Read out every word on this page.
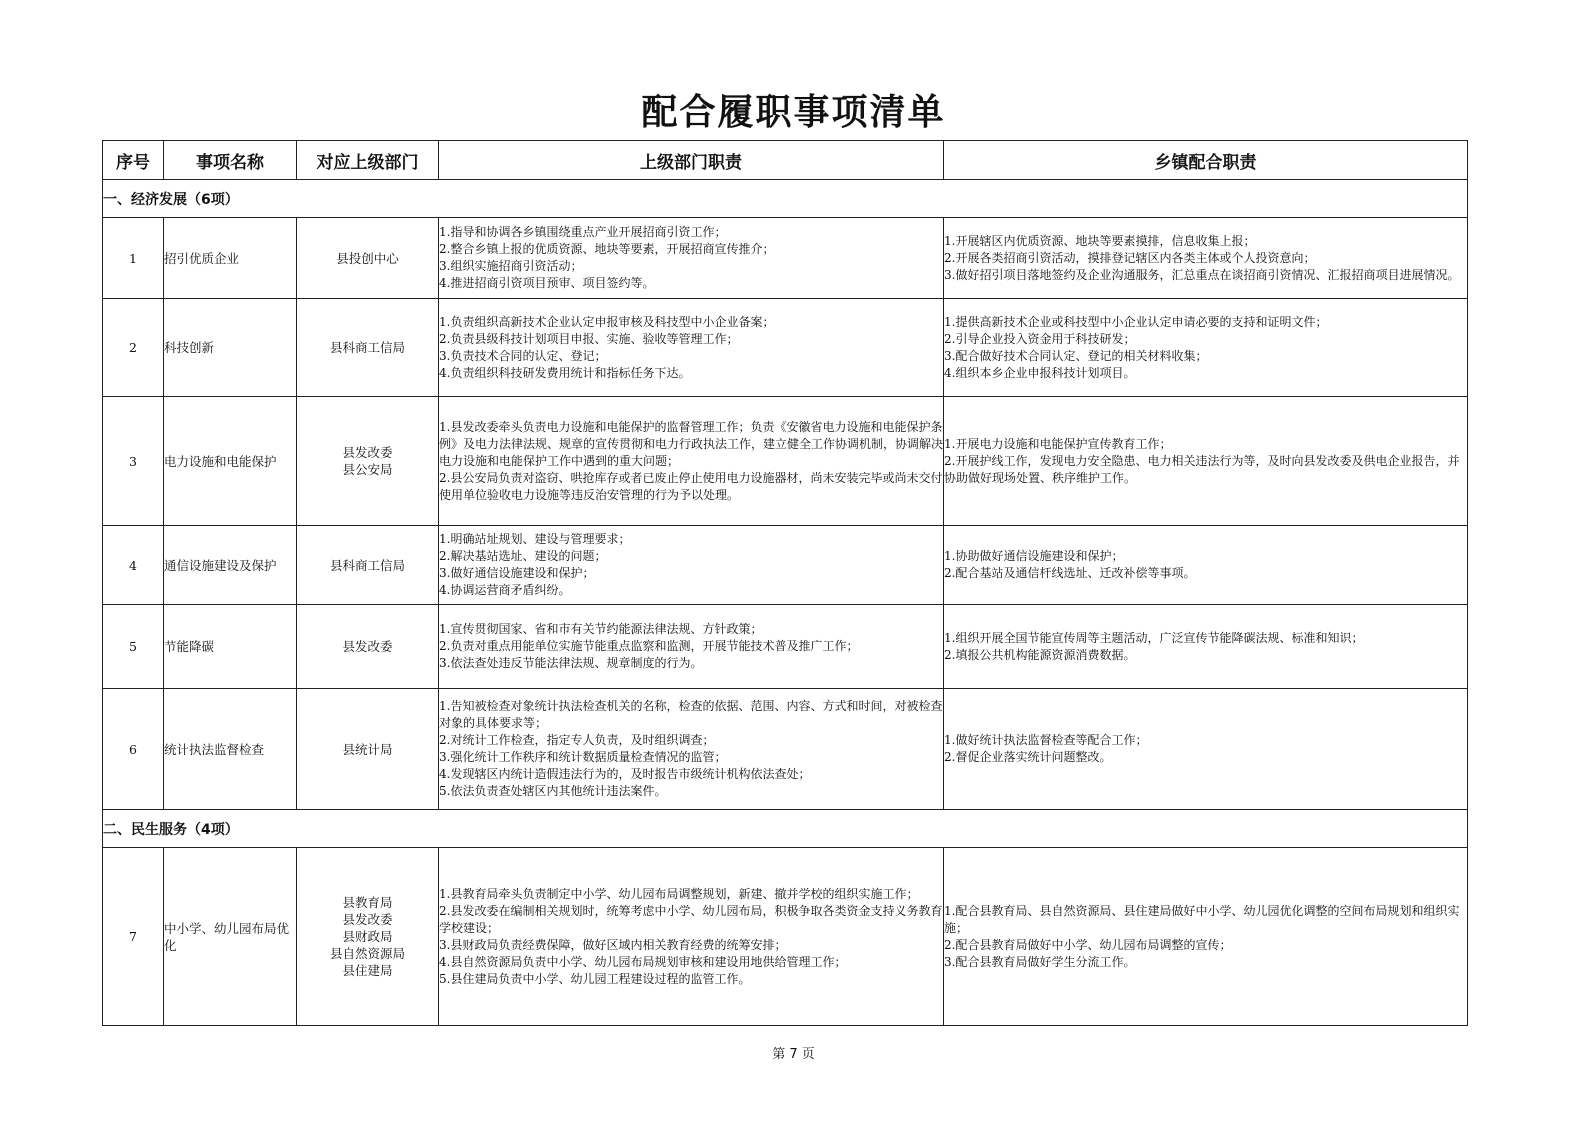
配合履职事项清单
序号	事项名称	对应上级部门	上级部门职责	乡镇配合职责
一、经济发展（6项）				
1	招引优质企业	县投创中心	1.指导和协调各乡镇围绕重点产业开展招商引资工作；
2.整合乡镇上报的优质资源、地块等要素，开展招商宣传推介；
3.组织实施招商引资活动；
4.推进招商引资项目预审、项目签约等。	1.开展辖区内优质资源、地块等要素摸排，信息收集上报；
2.开展各类招商引资活动，摸排登记辖区内各类主体或个人投资意向；
3.做好招引项目落地签约及企业沟通服务，汇总重点在谈招商引资情况、汇报招商项目进展情况。
2	科技创新	县科商工信局	1.负责组织高新技术企业认定申报审核及科技型中小企业备案；
2.负责县级科技计划项目申报、实施、验收等管理工作；
3.负责技术合同的认定、登记；
4.负责组织科技研发费用统计和指标任务下达。	1.提供高新技术企业或科技型中小企业认定申请必要的支持和证明文件；
2.引导企业投入资金用于科技研发；
3.配合做好技术合同认定、登记的相关材料收集；
4.组织本乡企业申报科技计划项目。
3	电力设施和电能保护	县发改委
县公安局	1.县发改委牵头负责电力设施和电能保护的监督管理工作；负责《安徽省电力设施和电能保护条例》及电力法律法规、规章的宣传贯彻和电力行政执法工作，建立健全工作协调机制，协调解决电力设施和电能保护工作中遇到的重大问题；
2.县公安局负责对盗窃、哄抢库存或者已废止停止使用电力设施器材，尚未安装完毕或尚未交付使用单位验收电力设施等违反治安管理的行为予以处理。	1.开展电力设施和电能保护宣传教育工作；
2.开展护线工作，发现电力安全隐患、电力相关违法行为等，及时向县发改委及供电企业报告，并协助做好现场处置、秩序维护工作。
4	通信设施建设及保护	县科商工信局	1.明确站址规划、建设与管理要求；
2.解决基站选址、建设的问题；
3.做好通信设施建设和保护；
4.协调运营商矛盾纠纷。	1.协助做好通信设施建设和保护；
2.配合基站及通信杆线选址、迁改补偿等事项。
5	节能降碳	县发改委	1.宣传贯彻国家、省和市有关节约能源法律法规、方针政策；
2.负责对重点用能单位实施节能重点监察和监测，开展节能技术普及推广工作；
3.依法查处违反节能法律法规、规章制度的行为。	1.组织开展全国节能宣传周等主题活动，广泛宣传节能降碳法规、标准和知识；
2.填报公共机构能源资源消费数据。
6	统计执法监督检查	县统计局	1.告知被检查对象统计执法检查机关的名称，检查的依据、范围、内容、方式和时间，对被检查对象的具体要求等；
2.对统计工作检查，指定专人负责，及时组织调查；
3.强化统计工作秩序和统计数据质量检查情况的监管；
4.发现辖区内统计造假违法行为的，及时报告市级统计机构依法查处；
5.依法负责查处辖区内其他统计违法案件。	1.做好统计执法监督检查等配合工作；
2.督促企业落实统计问题整改。
二、民生服务（4项）				
7	中小学、幼儿园布局优化	县教育局
县发改委
县财政局
县自然资源局
县住建局	1.县教育局牵头负责制定中小学、幼儿园布局调整规划，新建、撤并学校的组织实施工作；
2.县发改委在编制相关规划时，统筹考虑中小学、幼儿园布局，积极争取各类资金支持义务教育学校建设；
3.县财政局负责经费保障，做好区域内相关教育经费的统筹安排；
4.县自然资源局负责中小学、幼儿园布局规划审核和建设用地供给管理工作；
5.县住建局负责中小学、幼儿园工程建设过程的监管工作。	1.配合县教育局、县自然资源局、县住建局做好中小学、幼儿园优化调整的空间布局规划和组织实施；
2.配合县教育局做好中小学、幼儿园布局调整的宣传；
3.配合县教育局做好学生分流工作。
第 7 页
